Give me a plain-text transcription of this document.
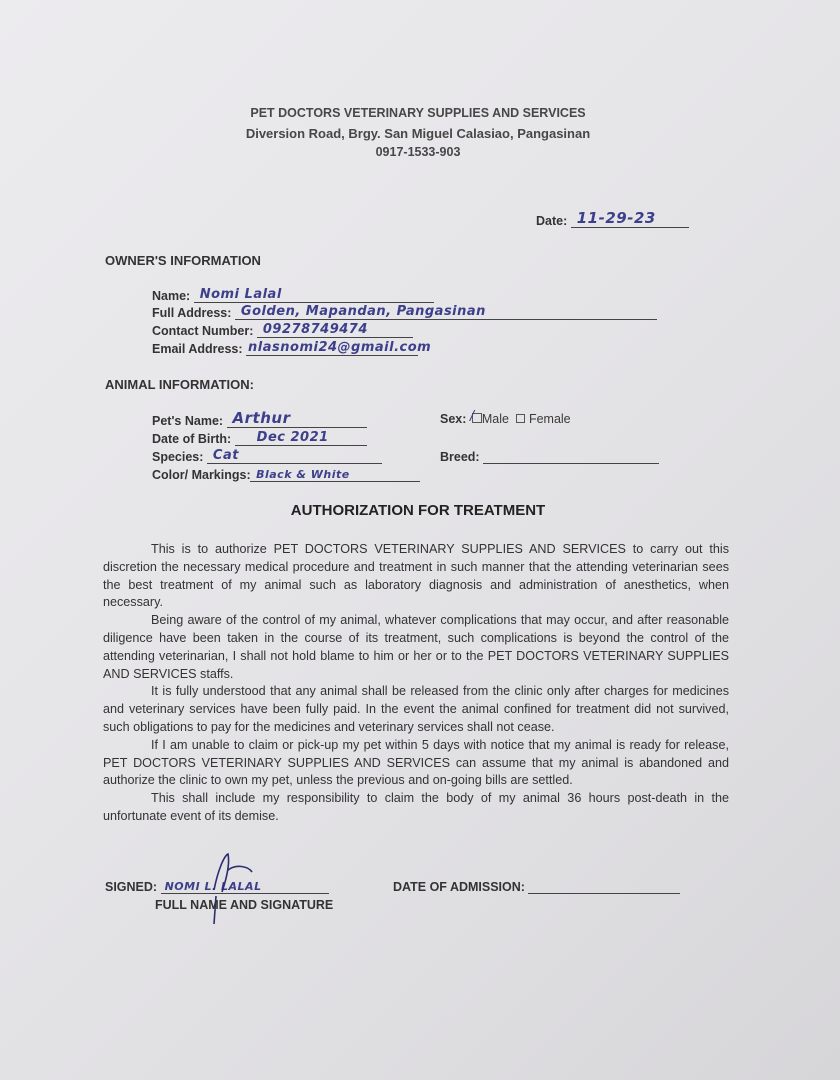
PET DOCTORS VETERINARY SUPPLIES AND SERVICES
Diversion Road, Brgy. San Miguel Calasiao, Pangasinan
0917-1533-903
Date: 11-29-23
OWNER'S INFORMATION
Name: Nomi Lalal
Full Address: Golden, Mapandan, Pangasinan
Contact Number: 09278749474
Email Address: nlasnomi24@gmail.com
ANIMAL INFORMATION:
Pet's Name: Arthur
Date of Birth: Dec 2021
Species: Cat
Color/ Markings: Black & White
Sex: / Male Female
Breed:
AUTHORIZATION FOR TREATMENT

This is to authorize PET DOCTORS VETERINARY SUPPLIES AND SERVICES to carry out this discretion the necessary medical procedure and treatment in such manner that the attending veterinarian sees the best treatment of my animal such as laboratory diagnosis and administration of anesthetics, when necessary.

Being aware of the control of my animal, whatever complications that may occur, and after reasonable diligence have been taken in the course of its treatment, such complications is beyond the control of the attending veterinarian, I shall not hold blame to him or her or to the PET DOCTORS VETERINARY SUPPLIES AND SERVICES staffs.

It is fully understood that any animal shall be released from the clinic only after charges for medicines and veterinary services have been fully paid. In the event the animal confined for treatment did not survived, such obligations to pay for the medicines and veterinary services shall not cease.

If I am unable to claim or pick-up my pet within 5 days with notice that my animal is ready for release, PET DOCTORS VETERINARY SUPPLIES AND SERVICES can assume that my animal is abandoned and authorize the clinic to own my pet, unless the previous and on-going bills are settled.

This shall include my responsibility to claim the body of my animal 36 hours post-death in the unfortunate event of its demise.

SIGNED: NOMI L. LALAL
FULL NAME AND SIGNATURE
DATE OF ADMISSION:
